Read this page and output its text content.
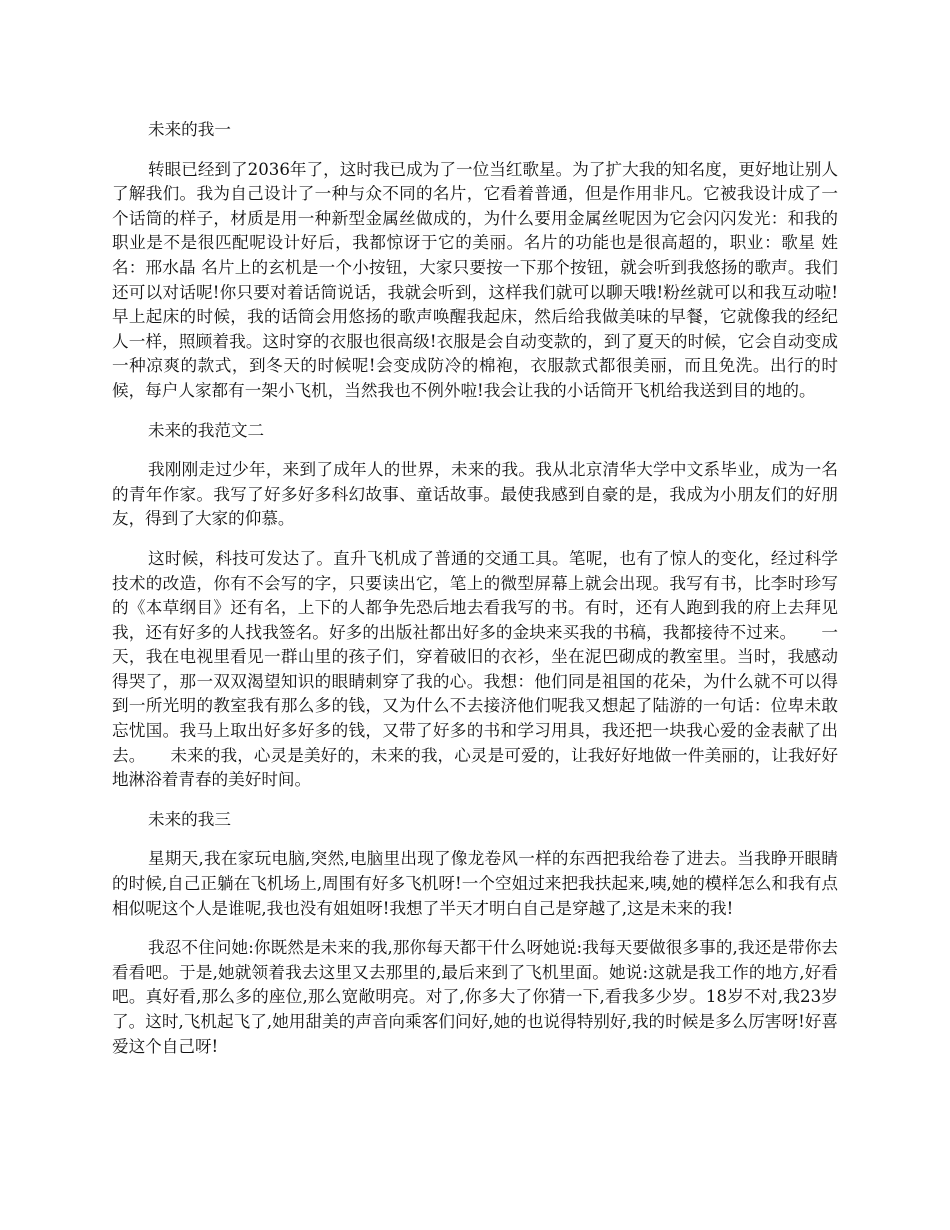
未来的我一

转眼已经到了2036年了，这时我已成为了一位当红歌星。为了扩大我的知名度，更好地让别人了解我们。我为自己设计了一种与众不同的名片，它看着普通，但是作用非凡。它被我设计成了一个话筒的样子，材质是用一种新型金属丝做成的，为什么要用金属丝呢因为它会闪闪发光：和我的职业是不是很匹配呢设计好后，我都惊讶于它的美丽。名片的功能也是很高超的，职业：歌星 姓名：邢水晶 名片上的玄机是一个小按钮，大家只要按一下那个按钮，就会听到我悠扬的歌声。我们还可以对话呢!你只要对着话筒说话，我就会听到，这样我们就可以聊天哦!粉丝就可以和我互动啦!　　早上起床的时候，我的话筒会用悠扬的歌声唤醒我起床，然后给我做美味的早餐，它就像我的经纪人一样，照顾着我。这时穿的衣服也很高级!衣服是会自动变款的，到了夏天的时候，它会自动变成一种凉爽的款式，到冬天的时候呢!会变成防冷的棉袍，衣服款式都很美丽，而且免洗。出行的时候，每户人家都有一架小飞机，当然我也不例外啦!我会让我的小话筒开飞机给我送到目的地的。

未来的我范文二

我刚刚走过少年，来到了成年人的世界，未来的我。我从北京清华大学中文系毕业，成为一名的青年作家。我写了好多好多科幻故事、童话故事。最使我感到自豪的是，我成为小朋友们的好朋友，得到了大家的仰慕。

这时候，科技可发达了。直升飞机成了普通的交通工具。笔呢，也有了惊人的变化，经过科学技术的改造，你有不会写的字，只要读出它，笔上的微型屏幕上就会出现。我写有书，比李时珍写的《本草纲目》还有名，上下的人都争先恐后地去看我写的书。有时，还有人跑到我的府上去拜见我，还有好多的人找我签名。好多的出版社都出好多的金块来买我的书稿，我都接待不过来。　　一天，我在电视里看见一群山里的孩子们，穿着破旧的衣衫，坐在泥巴砌成的教室里。当时，我感动得哭了，那一双双渴望知识的眼睛刺穿了我的心。我想：他们同是祖国的花朵，为什么就不可以得到一所光明的教室我有那么多的钱，又为什么不去接济他们呢我又想起了陆游的一句话：位卑未敢忘忧国。我马上取出好多好多的钱，又带了好多的书和学习用具，我还把一块我心爱的金表献了出去。　　未来的我，心灵是美好的，未来的我，心灵是可爱的，让我好好地做一件美丽的，让我好好地淋浴着青春的美好时间。

未来的我三

星期天,我在家玩电脑,突然,电脑里出现了像龙卷风一样的东西把我给卷了进去。当我睁开眼睛的时候,自己正躺在飞机场上,周围有好多飞机呀!一个空姐过来把我扶起来,咦,她的模样怎么和我有点相似呢这个人是谁呢,我也没有姐姐呀!我想了半天才明白自己是穿越了,这是未来的我!

我忍不住问她:你既然是未来的我,那你每天都干什么呀她说:我每天要做很多事的,我还是带你去看看吧。于是,她就领着我去这里又去那里的,最后来到了飞机里面。她说:这就是我工作的地方,好看吧。真好看,那么多的座位,那么宽敞明亮。对了,你多大了你猜一下,看我多少岁。18岁不对,我23岁了。这时,飞机起飞了,她用甜美的声音向乘客们问好,她的也说得特别好,我的时候是多么厉害呀!好喜爱这个自己呀!
